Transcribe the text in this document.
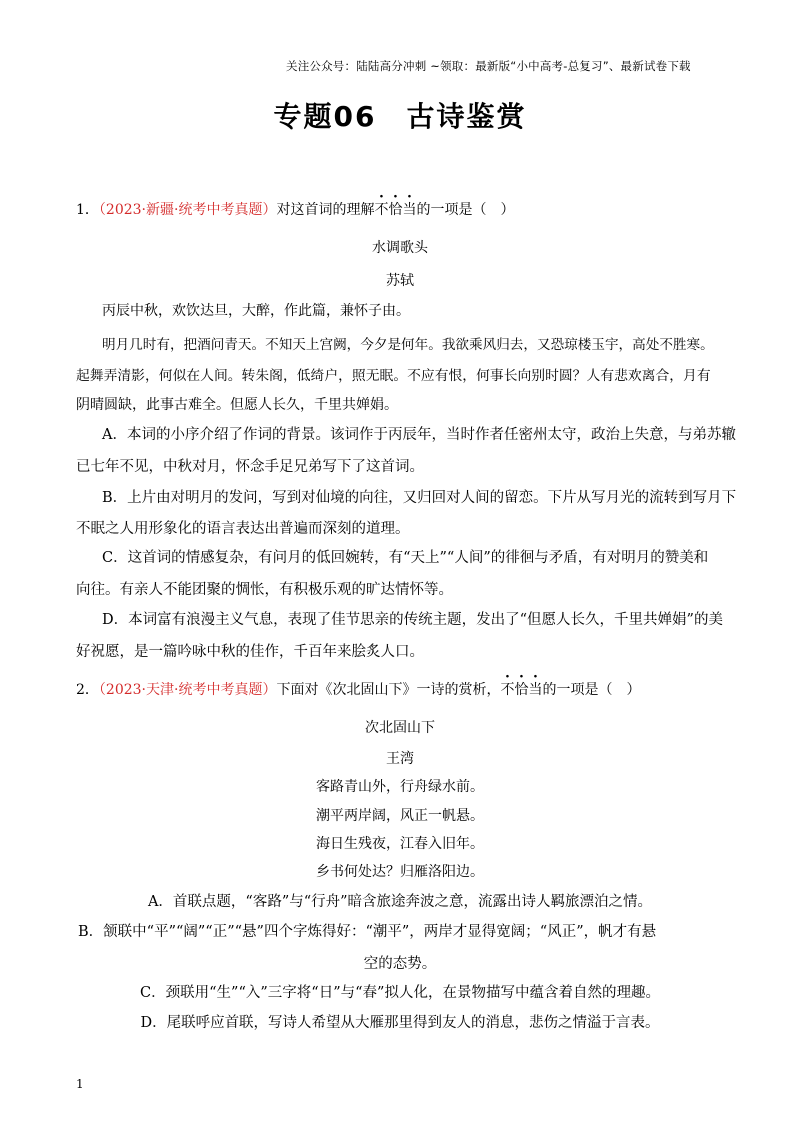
关注公众号：陆陆高分冲刺 ~领取：最新版“小中高考-总复习”、最新试卷下载
专题06　古诗鉴赏
1．（2023·新疆·统考中考真题）对这首词的理解不恰当的一项是（　）
水调歌头
苏轼
丙辰中秋，欢饮达旦，大醉，作此篇，兼怀子由。
明月几时有，把酒问青天。不知天上宫阙，今夕是何年。我欲乘风归去，又恐琼楼玉宇，高处不胜寒。
起舞弄清影，何似在人间。转朱阁，低绮户，照无眠。不应有恨，何事长向别时圆？人有悲欢离合，月有
阴晴圆缺，此事古难全。但愿人长久，千里共婵娟。
A．本词的小序介绍了作词的背景。该词作于丙辰年，当时作者任密州太守，政治上失意，与弟苏辙
已七年不见，中秋对月，怀念手足兄弟写下了这首词。
B．上片由对明月的发问，写到对仙境的向往，又归回对人间的留恋。下片从写月光的流转到写月下
不眠之人用形象化的语言表达出普遍而深刻的道理。
C．这首词的情感复杂，有问月的低回婉转，有“天上”“人间”的徘徊与矛盾，有对明月的赞美和
向往。有亲人不能团聚的惆怅，有积极乐观的旷达情怀等。
D．本词富有浪漫主义气息，表现了佳节思亲的传统主题，发出了“但愿人长久，千里共婵娟”的美
好祝愿，是一篇吟咏中秋的佳作，千百年来脍炙人口。
2．（2023·天津·统考中考真题）下面对《次北固山下》一诗的赏析，不恰当的一项是（　）
次北固山下
王湾
客路青山外，行舟绿水前。
潮平两岸阔，风正一帆悬。
海日生残夜，江春入旧年。
乡书何处达？归雁洛阳边。
A．首联点题，“客路”与“行舟”暗含旅途奔波之意，流露出诗人羁旅漂泊之情。
B．颔联中“平”“阔”“正”“悬”四个字炼得好：“潮平”，两岸才显得宽阔；“风正”，帆才有悬
空的态势。
C．颈联用“生”“入”三字将“日”与“春”拟人化，在景物描写中蕴含着自然的理趣。
D．尾联呼应首联，写诗人希望从大雁那里得到友人的消息，悲伤之情溢于言表。
1
